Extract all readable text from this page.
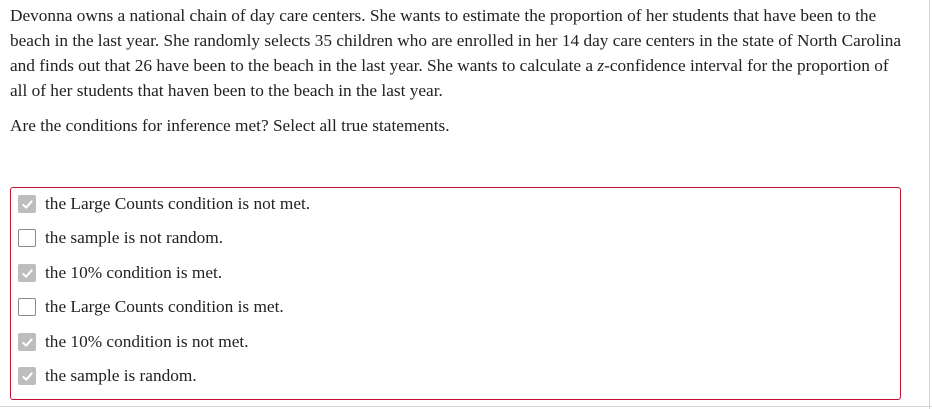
Devonna owns a national chain of day care centers. She wants to estimate the proportion of her students that have been to the beach in the last year. She randomly selects 35 children who are enrolled in her 14 day care centers in the state of North Carolina and finds out that 26 have been to the beach in the last year. She wants to calculate a z-confidence interval for the proportion of all of her students that haven been to the beach in the last year.

Are the conditions for inference met? Select all true statements.

the Large Counts condition is not met.
the sample is not random.
the 10% condition is met.
the Large Counts condition is met.
the 10% condition is not met.
the sample is random.
